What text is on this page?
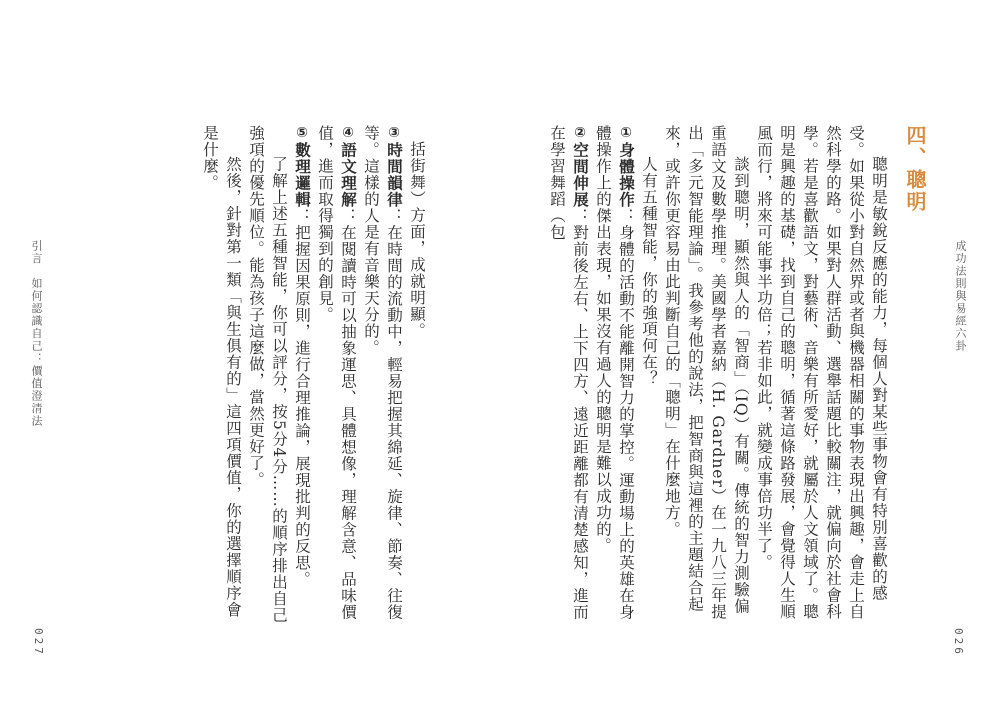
四、聰明

聰明是敏銳反應的能力，每個人對某些事物會有特別喜歡的感受。如果從小對自然界或者與機器相關的事物表現出興趣，會走上自然科學的路。如果對人群活動、選舉話題比較關注，就偏向於社會科學。若是喜歡語文，對藝術、音樂有所愛好，就屬於人文領域了。聰明是興趣的基礎，找到自己的聰明，循著這條路發展，會覺得人生順風而行，將來可能事半功倍；若非如此，就變成事倍功半了。

談到聰明，顯然與人的「智商」（IQ）有關。傳統的智力測驗偏重語文及數學推理。美國學者嘉納（H. Gardner）在一九八三年提出「多元智能理論」。我參考他的說法，把智商與這裡的主題結合起來，或許你更容易由此判斷自己的「聰明」在什麼地方。

人有五種智能，你的強項何在？

①身體操作：身體的活動不能離開智力的掌控。運動場上的英雄在身體操作上的傑出表現，如果沒有過人的聰明是難以成功的。

②空間伸展：對前後左右、上下四方、遠近距離都有清楚感知，進而在學習舞蹈（包

成功法則與易經六卦
026

括街舞）方面，成就明顯。

③時間韻律：在時間的流動中，輕易把握其綿延、旋律、節奏、往復等。這樣的人是有音樂天分的。

④語文理解：在閱讀時可以抽象運思、具體想像，理解含意、品味價值，進而取得獨到的創見。

⑤數理邏輯：把握因果原則，進行合理推論，展現批判的反思。

了解上述五種智能，你可以評分，按5分4分……的順序排出自己強項的優先順位。能為孩子這麼做，當然更好了。

然後，針對第一類「與生俱有的」這四項價值，你的選擇順序會是什麼。

引言　如何認識自己：價值澄清法
027
